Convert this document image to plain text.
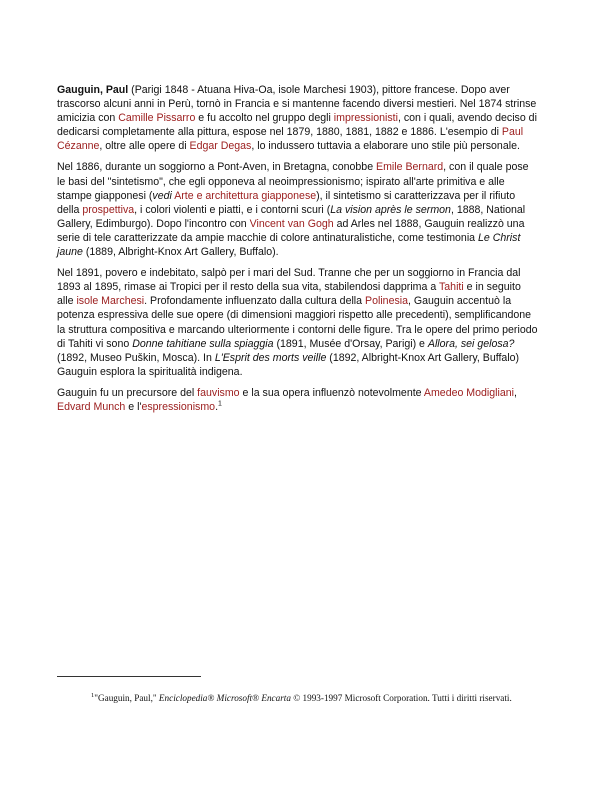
Gauguin, Paul (Parigi 1848 - Atuana Hiva-Oa, isole Marchesi 1903), pittore francese. Dopo aver trascorso alcuni anni in Perù, tornò in Francia e si mantenne facendo diversi mestieri. Nel 1874 strinse amicizia con Camille Pissarro e fu accolto nel gruppo degli impressionisti, con i quali, avendo deciso di dedicarsi completamente alla pittura, espose nel 1879, 1880, 1881, 1882 e 1886. L'esempio di Paul Cézanne, oltre alle opere di Edgar Degas, lo indussero tuttavia a elaborare uno stile più personale.

Nel 1886, durante un soggiorno a Pont-Aven, in Bretagna, conobbe Emile Bernard, con il quale pose le basi del "sintetismo", che egli opponeva al neoimpressionismo; ispirato all'arte primitiva e alle stampe giapponesi (vedi Arte e architettura giapponese), il sintetismo si caratterizzava per il rifiuto della prospettiva, i colori violenti e piatti, e i contorni scuri (La vision après le sermon, 1888, National Gallery, Edimburgo). Dopo l'incontro con Vincent van Gogh ad Arles nel 1888, Gauguin realizzò una serie di tele caratterizzate da ampie macchie di colore antinaturalistiche, come testimonia Le Christ jaune (1889, Albright-Knox Art Gallery, Buffalo).

Nel 1891, povero e indebitato, salpò per i mari del Sud. Tranne che per un soggiorno in Francia dal 1893 al 1895, rimase ai Tropici per il resto della sua vita, stabilendosi dapprima a Tahiti e in seguito alle isole Marchesi. Profondamente influenzato dalla cultura della Polinesia, Gauguin accentuò la potenza espressiva delle sue opere (di dimensioni maggiori rispetto alle precedenti), semplificandone la struttura compositiva e marcando ulteriormente i contorni delle figure. Tra le opere del primo periodo di Tahiti vi sono Donne tahitiane sulla spiaggia (1891, Musée d'Orsay, Parigi) e Allora, sei gelosa? (1892, Museo Puškin, Mosca). In L'Esprit des morts veille (1892, Albright-Knox Art Gallery, Buffalo) Gauguin esplora la spiritualità indigena.

Gauguin fu un precursore del fauvismo e la sua opera influenzò notevolmente Amedeo Modigliani, Edvard Munch e l'espressionismo.$^1$

$^1$"Gauguin, Paul," Enciclopedia® Microsoft® Encarta © 1993-1997 Microsoft Corporation. Tutti i diritti riservati.
